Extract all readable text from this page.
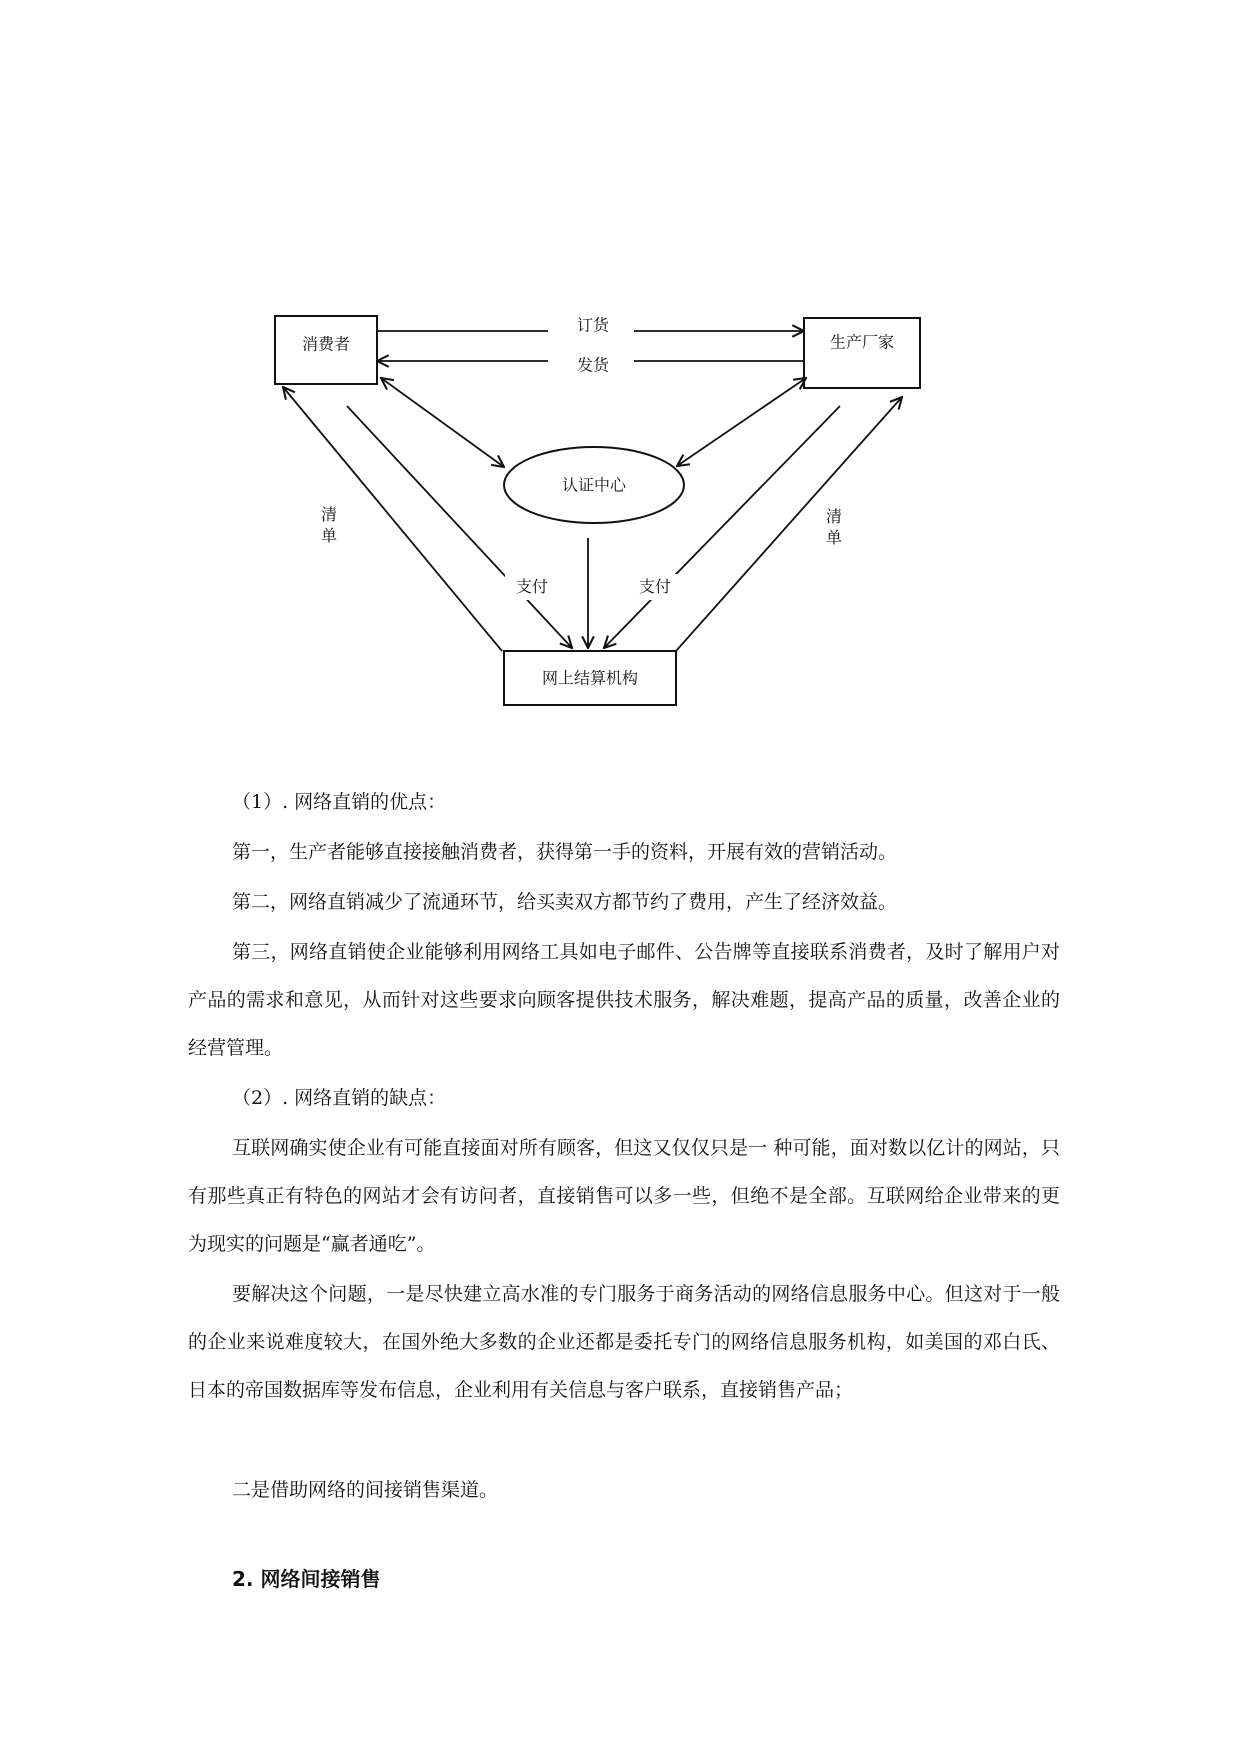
消费者	生产厂家
认证中心
网上结算机构
订货
发货
清
单
清
单
支付	支付

（1）. 网络直销的优点：

第一，生产者能够直接接触消费者，获得第一手的资料，开展有效的营销活动。

第二，网络直销减少了流通环节，给买卖双方都节约了费用，产生了经济效益。

第三，网络直销使企业能够利用网络工具如电子邮件、公告牌等直接联系消费者，及时了解用户对产品的需求和意见，从而针对这些要求向顾客提供技术服务，解决难题，提高产品的质量，改善企业的经营管理。

（2）. 网络直销的缺点：

互联网确实使企业有可能直接面对所有顾客，但这又仅仅只是一 种可能，面对数以亿计的网站，只有那些真正有特色的网站才会有访问者，直接销售可以多一些，但绝不是全部。互联网给企业带来的更为现实的问题是“赢者通吃”。

要解决这个问题，一是尽快建立高水准的专门服务于商务活动的网络信息服务中心。但这对于一般的企业来说难度较大，在国外绝大多数的企业还都是委托专门的网络信息服务机构，如美国的邓白氏、日本的帝国数据库等发布信息，企业利用有关信息与客户联系，直接销售产品；

二是借助网络的间接销售渠道。

2. 网络间接销售
